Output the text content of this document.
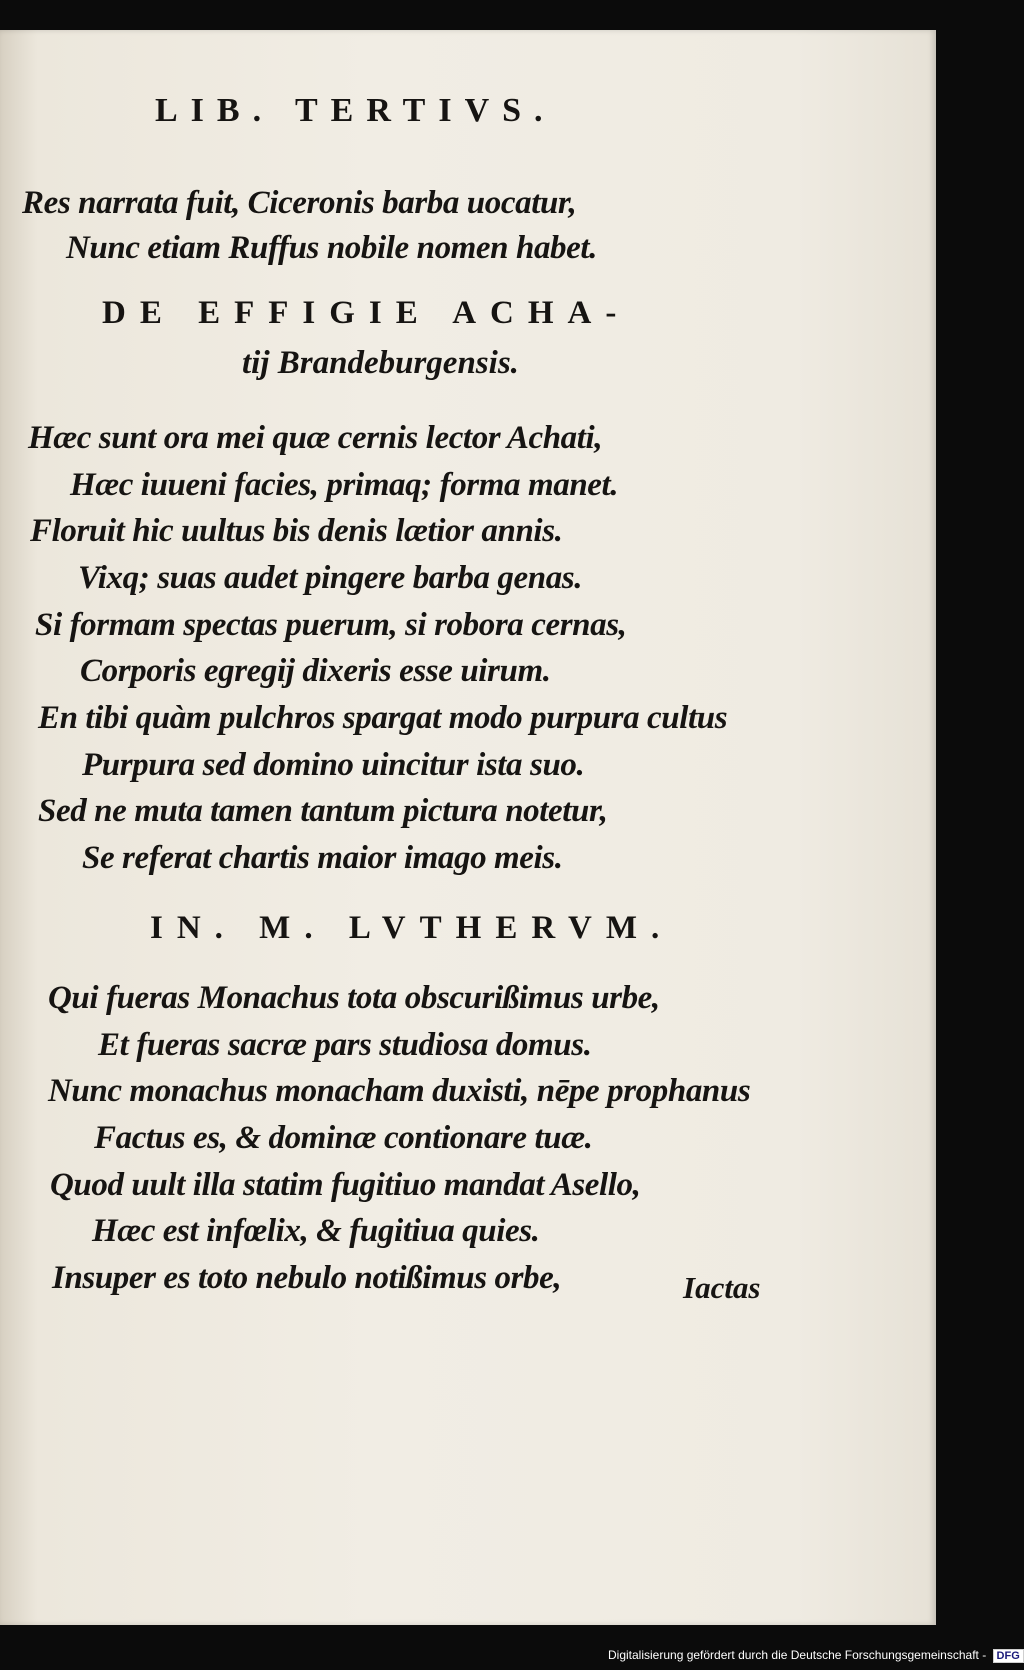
LIB. TERTIVS.
Res narrata fuit, Ciceronis barba uocatur,
Nunc etiam Ruffus nobile nomen habet.
DE EFFIGIE ACHA-
tij Brandeburgensis.
Hæc sunt ora mei quæ cernis lector Achati,
Hæc iuueni facies, primaq; forma manet.
Floruit hic uultus bis denis lætior annis.
Vixq; suas audet pingere barba genas.
Si formam spectas puerum, si robora cernas,
Corporis egregij dixeris esse uirum.
En tibi quàm pulchros spargat modo purpura cultus
Purpura sed domino uincitur ista suo.
Sed ne muta tamen tantum pictura notetur,
Se referat chartis maior imago meis.
IN. M. LVTHERVM.
Qui fueras Monachus tota obscurißimus urbe,
Et fueras sacræ pars studiosa domus.
Nunc monachus monacham duxisti, nēpe prophanus
Factus es, & dominæ contionare tuæ.
Quod uult illa statim fugitiuo mandat Asello,
Hæc est infœlix, & fugitiua quies.
Insuper es toto nebulo notißimus orbe,	Iactas
Digitalisierung gefördert durch die Deutsche Forschungsgemeinschaft - DFG
